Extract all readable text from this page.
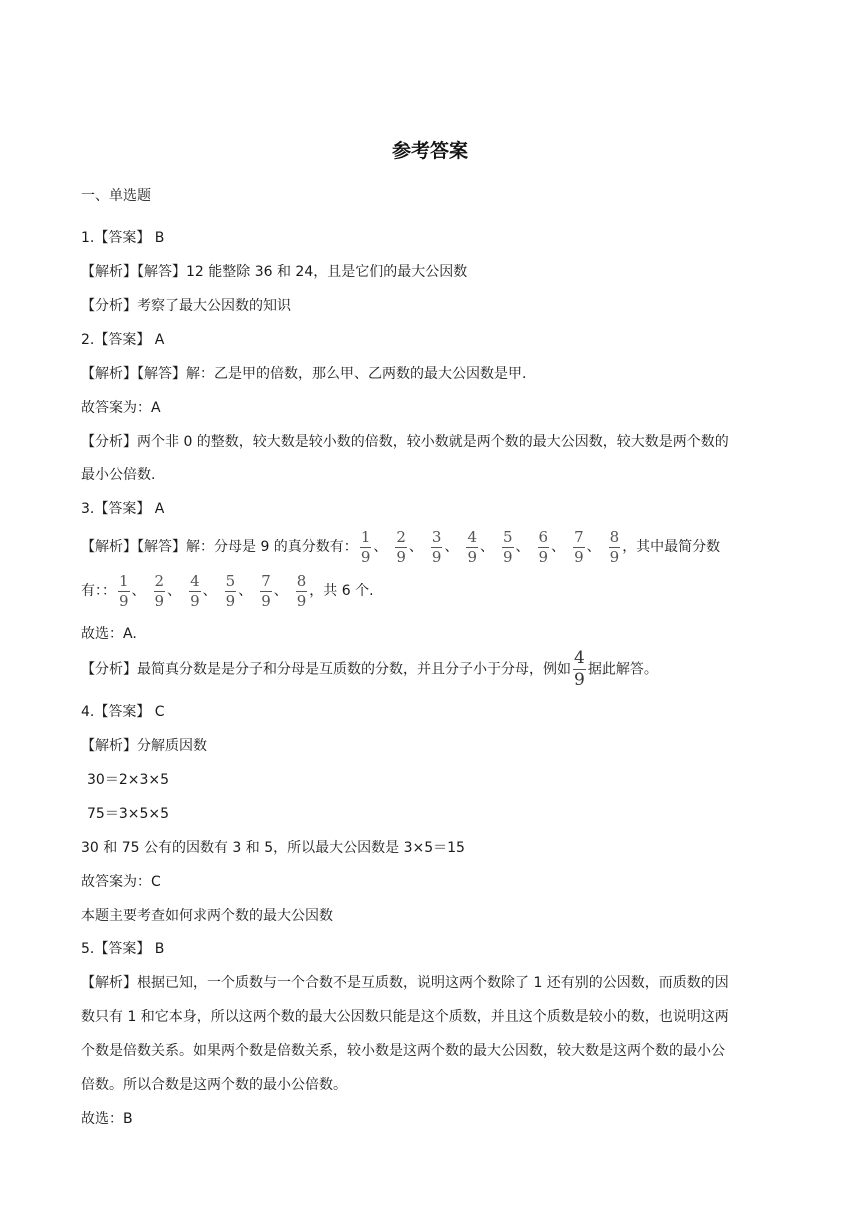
参考答案
一、单选题
1.【答案】 B
【解析】【解答】12 能整除 36 和 24，且是它们的最大公因数
【分析】考察了最大公因数的知识
2.【答案】 A
【解析】【解答】解：乙是甲的倍数，那么甲、乙两数的最大公因数是甲.
故答案为：A
【分析】两个非 0 的整数，较大数是较小数的倍数，较小数就是两个数的最大公因数，较大数是两个数的
最小公倍数.
3.【答案】 A
【解析】【解答】解：分母是 9 的真分数有： $\frac{1}{9}$ 、 $\frac{2}{9}$ 、 $\frac{3}{9}$ 、 $\frac{4}{9}$ 、 $\frac{5}{9}$ 、 $\frac{6}{9}$ 、 $\frac{7}{9}$ 、 $\frac{8}{9}$ ，其中最简分数
有：： $\frac{1}{9}$ 、 $\frac{2}{9}$ 、 $\frac{4}{9}$ 、 $\frac{5}{9}$ 、 $\frac{7}{9}$ 、 $\frac{8}{9}$ ，共 6 个.
故选：A.
【分析】最简真分数是是分子和分母是互质数的分数，并且分子小于分母，例如 $\frac{4}{9}$ 据此解答。
4.【答案】 C
【解析】分解质因数
30＝2×3×5
75＝3×5×5
30 和 75 公有的因数有 3 和 5，所以最大公因数是 3×5＝15
故答案为：C
本题主要考查如何求两个数的最大公因数
5.【答案】 B
【解析】根据已知，一个质数与一个合数不是互质数，说明这两个数除了 1 还有别的公因数，而质数的因
数只有 1 和它本身，所以这两个数的最大公因数只能是这个质数，并且这个质数是较小的数，也说明这两
个数是倍数关系。如果两个数是倍数关系，较小数是这两个数的最大公因数，较大数是这两个数的最小公
倍数。所以合数是这两个数的最小公倍数。
故选：B
